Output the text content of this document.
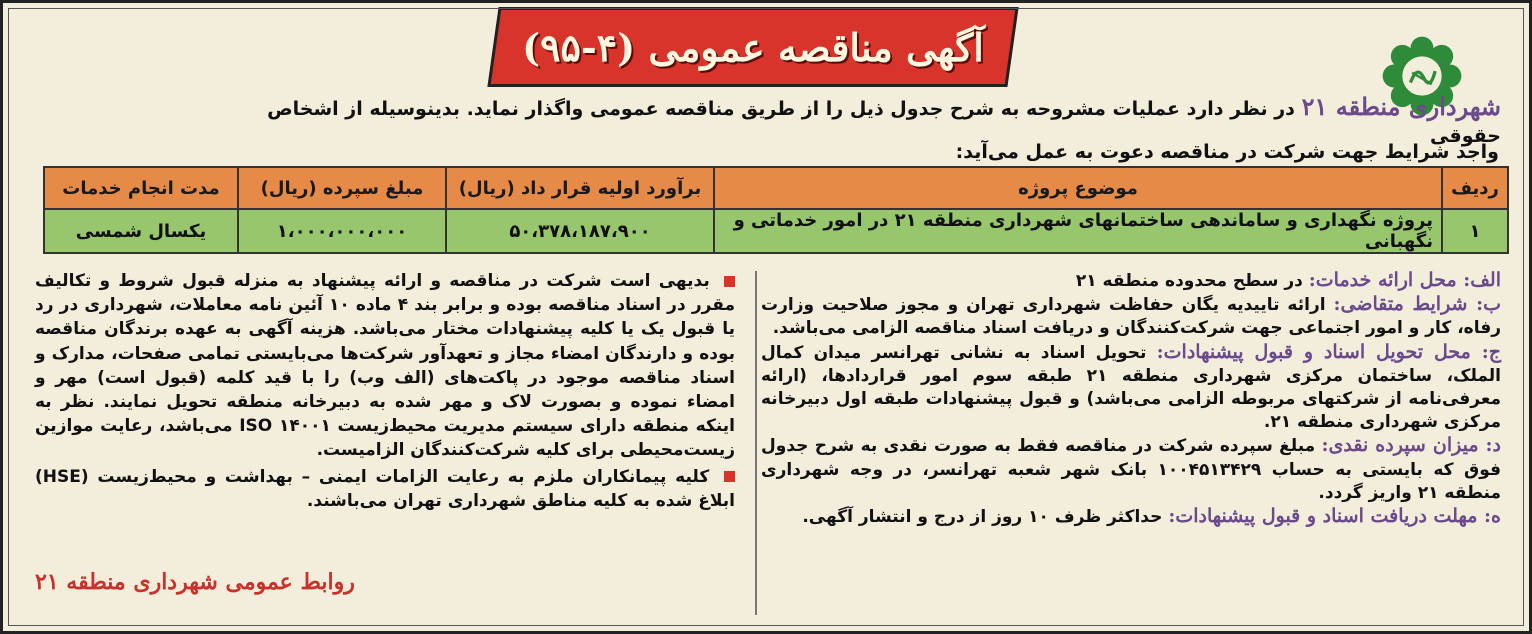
آگهی مناقصه عمومی (۴-۹۵)
شهرداری منطقه ۲۱ در نظر دارد عملیات مشروحه به شرح جدول ذیل را از طریق مناقصه عمومی واگذار نماید. بدینوسیله از اشخاص حقوقی
واجد شرایط جهت شرکت در مناقصه دعوت به عمل می‌آید:
ردیف	موضوع پروژه	برآورد اولیه قرار داد (ریال)	مبلغ سپرده (ریال)	مدت انجام خدمات
۱	پروژه نگهداری و ساماندهی ساختمانهای شهرداری منطقه ۲۱ در امور خدماتی و نگهبانی	۵۰،۳۷۸،۱۸۷،۹۰۰	۱،۰۰۰،۰۰۰،۰۰۰	یکسال شمسی

الف: محل ارائه خدمات: در سطح محدوده منطقه ۲۱

ب: شرایط متقاضی: ارائه تاییدیه یگان حفاظت شهرداری تهران و مجوز صلاحیت وزارت رفاه، کار و امور اجتماعی جهت شرکت‌کنندگان و دریافت اسناد مناقصه الزامی می‌باشد.

ج: محل تحویل اسناد و قبول پیشنهادات: تحویل اسناد به نشانی تهرانسر میدان کمال الملک، ساختمان مرکزی شهرداری منطقه ۲۱ طبقه سوم امور قراردادها، (ارائه معرفی‌نامه از شرکتهای مربوطه الزامی می‌باشد) و قبول پیشنهادات طبقه اول دبیرخانه مرکزی شهرداری منطقه ۲۱.

د: میزان سپرده نقدی: مبلغ سپرده شرکت در مناقصه فقط به صورت نقدی به شرح جدول فوق که بایستی به حساب ۱۰۰۴۵۱۳۴۲۹ بانک شهر شعبه تهرانسر، در وجه شهرداری منطقه ۲۱ واریز گردد.

ه: مهلت دریافت اسناد و قبول پیشنهادات: حداکثر ظرف ۱۰ روز از درج و انتشار آگهی.

بدیهی است شرکت در مناقصه و ارائه پیشنهاد به منزله قبول شروط و تکالیف مقرر در اسناد مناقصه بوده و برابر بند ۴ ماده ۱۰ آئین نامه معاملات، شهرداری در رد یا قبول یک یا کلیه پیشنهادات مختار می‌باشد. هزینه آگهی به عهده برندگان مناقصه بوده و دارندگان امضاء مجاز و تعهدآور شرکت‌ها می‌بایستی تمامی صفحات، مدارک و اسناد مناقصه موجود در پاکت‌های (الف وب) را با قید کلمه (قبول است) مهر و امضاء نموده و بصورت لاک و مهر شده به دبیرخانه منطقه تحویل نمایند. نظر به اینکه منطقه دارای سیستم مدیریت محیط‌زیست ISO ۱۴۰۰۱ می‌باشد، رعایت موازین زیست‌محیطی برای کلیه شرکت‌کنندگان الزامیست.

کلیه پیمانکاران ملزم به رعایت الزامات ایمنی – بهداشت و محیط‌زیست (HSE) ابلاغ شده به کلیه مناطق شهرداری تهران می‌باشند.

روابط عمومی شهرداری منطقه ۲۱
